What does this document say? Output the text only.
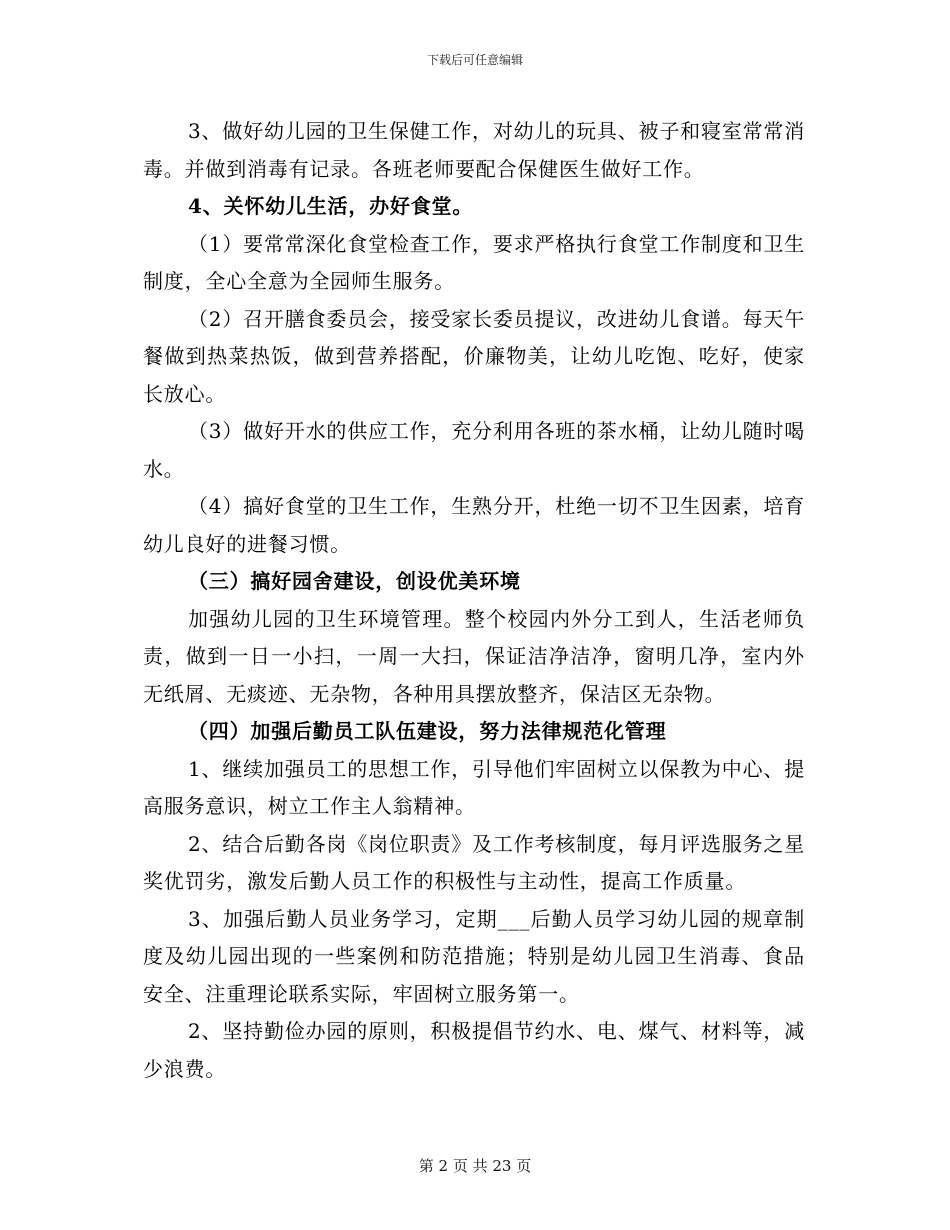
下载后可任意编辑

3、做好幼儿园的卫生保健工作，对幼儿的玩具、被子和寝室常常消毒。并做到消毒有记录。各班老师要配合保健医生做好工作。

4、关怀幼儿生活，办好食堂。

（1）要常常深化食堂检查工作，要求严格执行食堂工作制度和卫生制度，全心全意为全园师生服务。

（2）召开膳食委员会，接受家长委员提议，改进幼儿食谱。每天午餐做到热菜热饭，做到营养搭配，价廉物美，让幼儿吃饱、吃好，使家长放心。

（3）做好开水的供应工作，充分利用各班的茶水桶，让幼儿随时喝水。

（4）搞好食堂的卫生工作，生熟分开，杜绝一切不卫生因素，培育幼儿良好的进餐习惯。

（三）搞好园舍建设，创设优美环境

加强幼儿园的卫生环境管理。整个校园内外分工到人，生活老师负责，做到一日一小扫，一周一大扫，保证洁净洁净，窗明几净，室内外无纸屑、无痰迹、无杂物，各种用具摆放整齐，保洁区无杂物。

（四）加强后勤员工队伍建设，努力法律规范化管理

1、继续加强员工的思想工作，引导他们牢固树立以保教为中心、提高服务意识，树立工作主人翁精神。

2、结合后勤各岗《岗位职责》及工作考核制度，每月评选服务之星奖优罚劣，激发后勤人员工作的积极性与主动性，提高工作质量。

3、加强后勤人员业务学习，定期___后勤人员学习幼儿园的规章制度及幼儿园出现的一些案例和防范措施；特别是幼儿园卫生消毒、食品安全、注重理论联系实际，牢固树立服务第一。

2、坚持勤俭办园的原则，积极提倡节约水、电、煤气、材料等，减少浪费。

第 2 页 共 23 页
